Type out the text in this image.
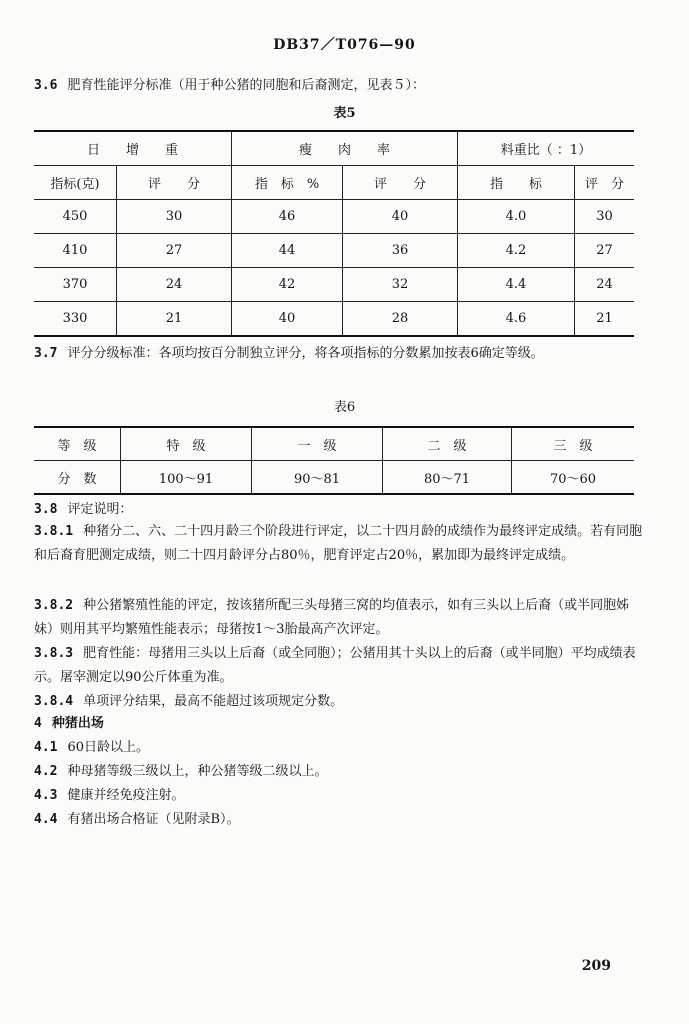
DB37／T076—90
3.6 肥育性能评分标准（用于种公猪的同胞和后裔测定，见表５）：
表5
日　　增　　重		瘦　　肉　　率		料重比（ ：1）	
指标(克)	评　　分	指　标　%	评　　分	指　　标	评　分
450	30	46	40	4.0	30
410	27	44	36	4.2	27
370	24	42	32	4.4	24
330	21	40	28	4.6	21
3.7 评分分级标准：各项均按百分制独立评分，将各项指标的分数累加按表6确定等级。
表6
等　级	特　级	一　级	二　级	三　级
分　数	100～91	90～81	80～71	70～60
3.8 评定说明：
3.8.1 种猪分二、六、二十四月龄三个阶段进行评定，以二十四月龄的成绩作为最终评定成绩。若有同胞和后裔育肥测定成绩，则二十四月龄评分占80％，肥育评定占20％，累加即为最终评定成绩。
3.8.2 种公猪繁殖性能的评定，按该猪所配三头母猪三窝的均值表示，如有三头以上后裔（或半同胞姊妹）则用其平均繁殖性能表示；母猪按1～3胎最高产次评定。
3.8.3 肥育性能：母猪用三头以上后裔（或全同胞）；公猪用其十头以上的后裔（或半同胞）平均成绩表示。屠宰测定以90公斤体重为准。
3.8.4 单项评分结果，最高不能超过该项规定分数。
4 种猪出场
4.1 60日龄以上。
4.2 种母猪等级三级以上，种公猪等级二级以上。
4.3 健康并经免疫注射。
4.4 有猪出场合格证（见附录B）。
209
